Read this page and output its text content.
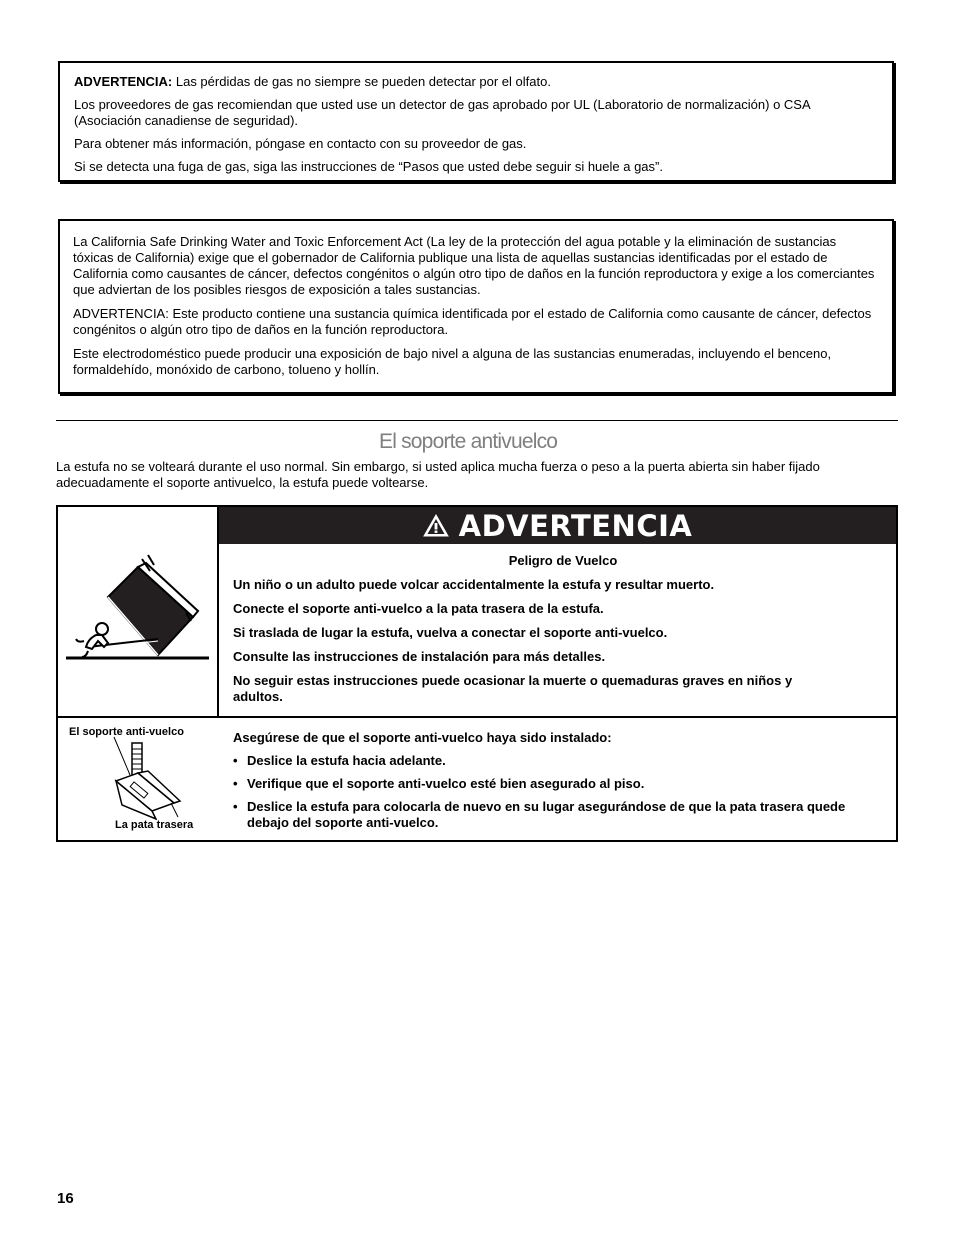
ADVERTENCIA: Las pérdidas de gas no siempre se pueden detectar por el olfato.

Los proveedores de gas recomiendan que usted use un detector de gas aprobado por UL (Laboratorio de normalización) o CSA (Asociación canadiense de seguridad).

Para obtener más información, póngase en contacto con su proveedor de gas.

Si se detecta una fuga de gas, siga las instrucciones de “Pasos que usted debe seguir si huele a gas”.

La California Safe Drinking Water and Toxic Enforcement Act (La ley de la protección del agua potable y la eliminación de sustancias tóxicas de California) exige que el gobernador de California publique una lista de aquellas sustancias identificadas por el estado de California como causantes de cáncer, defectos congénitos o algún otro tipo de daños en la función reproductora y exige a los comerciantes que adviertan de los posibles riesgos de exposición a tales sustancias.

ADVERTENCIA: Este producto contiene una sustancia química identificada por el estado de California como causante de cáncer, defectos congénitos o algún otro tipo de daños en la función reproductora.

Este electrodoméstico puede producir una exposición de bajo nivel a alguna de las sustancias enumeradas, incluyendo el benceno, formaldehído, monóxido de carbono, tolueno y hollín.

El soporte antivuelco

La estufa no se volteará durante el uso normal. Sin embargo, si usted aplica mucha fuerza o peso a la puerta abierta sin haber fijado adecuadamente el soporte antivuelco, la estufa puede voltearse.

ADVERTENCIA

Peligro de Vuelco

Un niño o un adulto puede volcar accidentalmente la estufa y resultar muerto.

Conecte el soporte anti-vuelco a la pata trasera de la estufa.

Si traslada de lugar la estufa, vuelva a conectar el soporte anti-vuelco.

Consulte las instrucciones de instalación para más detalles.

No seguir estas instrucciones puede ocasionar la muerte o quemaduras graves en niños y adultos.

El soporte anti-vuelco
La pata trasera

Asegúrese de que el soporte anti-vuelco haya sido instalado:

• Deslice la estufa hacia adelante.
• Verifique que el soporte anti-vuelco esté bien asegurado al piso.
• Deslice la estufa para colocarla de nuevo en su lugar asegurándose de que la pata trasera quede debajo del soporte anti-vuelco.
16
